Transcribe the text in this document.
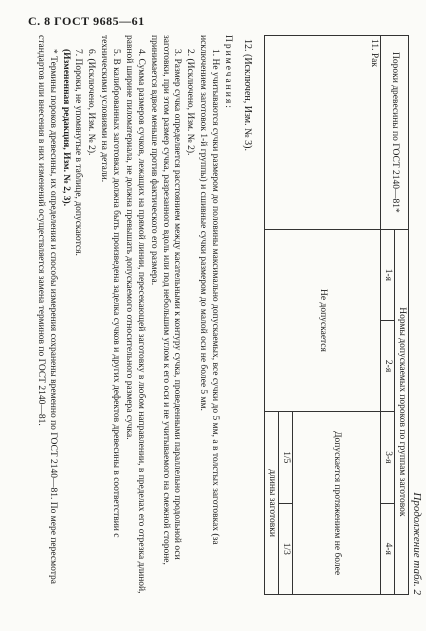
С. 8 ГОСТ 9685—61
Продолжение табл. 2
Пороки древесины по ГОСТ 2140—81*	Нормы допускаемых пороков по группам заготовок			
	1-я	2-я	3-я	4-я
11. Рак	Не допускается		Допускается протяжением не более	
			1/5	1/3
			длины заготовки	
12. (Исключен, Изм. № 3).

Примечания:

1. Не учитываются сучки размером до половины максимально допускаемых, все сучки до 5 мм, а в толстых заготовках (за исключением заготовок 1-й группы) и сшивные сучки размером до малой оси не более 5 мм.

2. (Исключено, Изм. № 2).

3. Размер сучка определяется расстоянием между касательными к контуру сучка, проведенными параллельно продольной оси заготовки, при этом размер сучка, разрезанного вдоль или под небольшим углом к его оси и не учитываемого на смежной стороне, принимается вдвое меньше против фактического его размера.

4. Сумма размеров сучков, лежащих на прямой линии, пересекающей заготовку в любом направлении, в пределах его отрезка длиной, равной ширине пиломатериала, не должна превышать допускаемого относительного размера сучка.

5. В калиброванных заготовках должна быть произведена заделка сучков и других дефектов древесины в соответствии с техническими условиями на детали.

6. (Исключено, Изм. № 2).

7. Пороки, не упомянутые в таблице, допускаются.

(Измененная редакция, Изм. № 2, 3).

* Термины пороков древесины, их определения и способы измерения сохранены временно по ГОСТ 2140—81. По мере пересмотра стандартов или внесения в них изменений осуществляется замена терминов по ГОСТ 2140—81.
